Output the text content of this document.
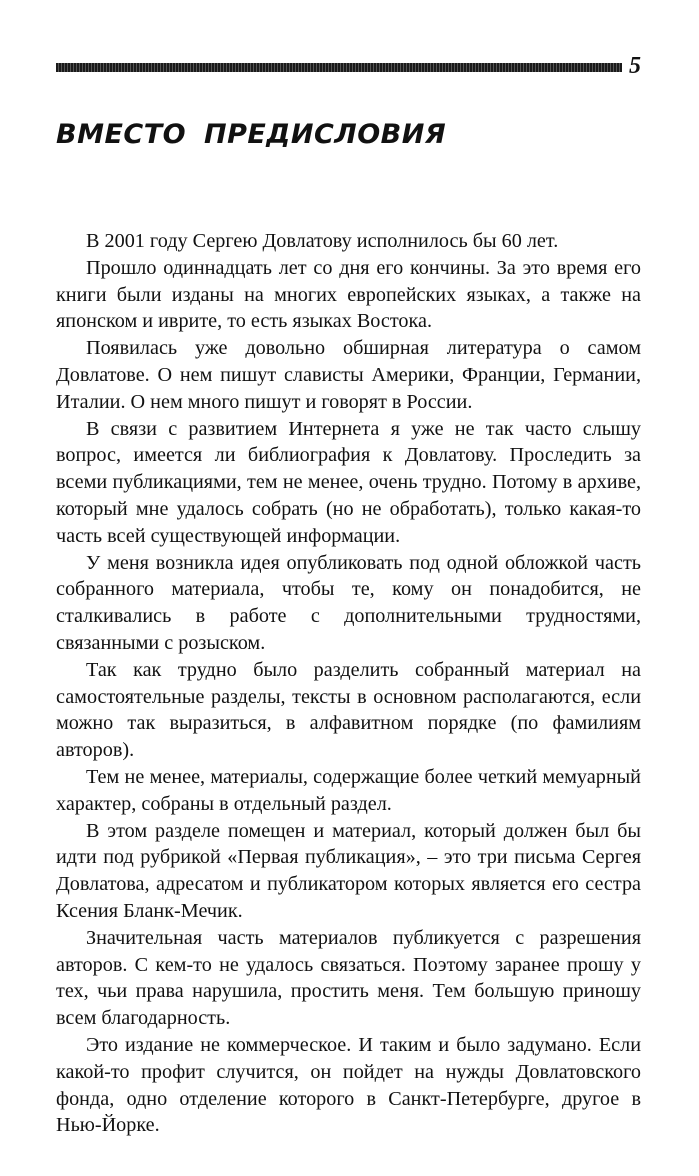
5
ВМЕСТО ПРЕДИСЛОВИЯ

В 2001 году Сергею Довлатову исполнилось бы 60 лет.

Прошло одиннадцать лет со дня его кончины. За это время его книги были изданы на многих европейских языках, а также на японском и иврите, то есть языках Востока.

Появилась уже довольно обширная литература о самом Довлатове. О нем пишут слависты Америки, Франции, Германии, Италии. О нем много пишут и говорят в России.

В связи с развитием Интернета я уже не так часто слышу вопрос, имеется ли библиография к Довлатову. Проследить за всеми публикациями, тем не менее, очень трудно. Потому в архиве, который мне удалось собрать (но не обработать), только какая-то часть всей существующей информации.

У меня возникла идея опубликовать под одной обложкой часть собранного материала, чтобы те, кому он понадобится, не сталкивались в работе с дополнительными трудностями, связанными с розыском.

Так как трудно было разделить собранный материал на самостоятельные разделы, тексты в основном располагаются, если можно так выразиться, в алфавитном порядке (по фамилиям авторов).

Тем не менее, материалы, содержащие более четкий мемуарный характер, собраны в отдельный раздел.

В этом разделе помещен и материал, который должен был бы идти под рубрикой «Первая публикация», – это три письма Сергея Довлатова, адресатом и публикатором которых является его сестра Ксения Бланк-Мечик.

Значительная часть материалов публикуется с разрешения авторов. С кем-то не удалось связаться. Поэтому заранее прошу у тех, чьи права нарушила, простить меня. Тем большую приношу всем благодарность.

Это издание не коммерческое. И таким и было задумано. Если какой-то профит случится, он пойдет на нужды Довлатовского фонда, одно отделение которого в Санкт-Петербурге, другое в Нью-Йорке.
